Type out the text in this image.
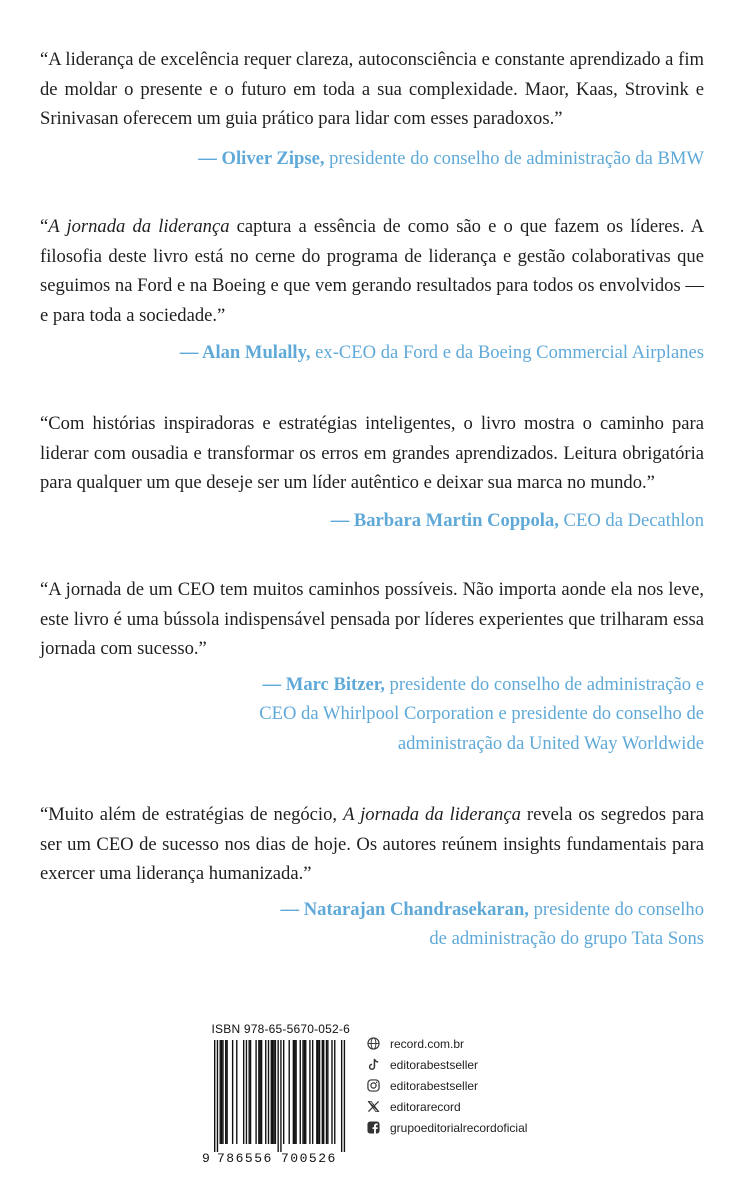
“A liderança de excelência requer clareza, autoconsciência e constante aprendizado a fim de moldar o presente e o futuro em toda a sua complexidade. Maor, Kaas, Strovink e Srinivasan oferecem um guia prático para lidar com esses paradoxos.”

— Oliver Zipse, presidente do conselho de administração da BMW

“A jornada da liderança captura a essência de como são e o que fazem os líderes. A filosofia deste livro está no cerne do programa de liderança e gestão colaborativas que seguimos na Ford e na Boeing e que vem gerando resultados para todos os envolvidos — e para toda a sociedade.”

— Alan Mulally, ex-CEO da Ford e da Boeing Commercial Airplanes

“Com histórias inspiradoras e estratégias inteligentes, o livro mostra o caminho para liderar com ousadia e transformar os erros em grandes aprendizados. Leitura obrigatória para qualquer um que deseje ser um líder autêntico e deixar sua marca no mundo.”

— Barbara Martin Coppola, CEO da Decathlon

“A jornada de um CEO tem muitos caminhos possíveis. Não importa aonde ela nos leve, este livro é uma bússola indispensável pensada por líderes experientes que trilharam essa jornada com sucesso.”

— Marc Bitzer, presidente do conselho de administração e CEO da Whirlpool Corporation e presidente do conselho de administração da United Way Worldwide

“Muito além de estratégias de negócio, A jornada da liderança revela os segredos para ser um CEO de sucesso nos dias de hoje. Os autores reúnem insights fundamentais para exercer uma liderança humanizada.”

— Natarajan Chandrasekaran, presidente do conselho de administração do grupo Tata Sons

ISBN 978-65-5670-052-6

9 786556 700526
record.com.br
editorabestseller
editorabestseller
editorarecord
grupoeditorialrecordoficial
